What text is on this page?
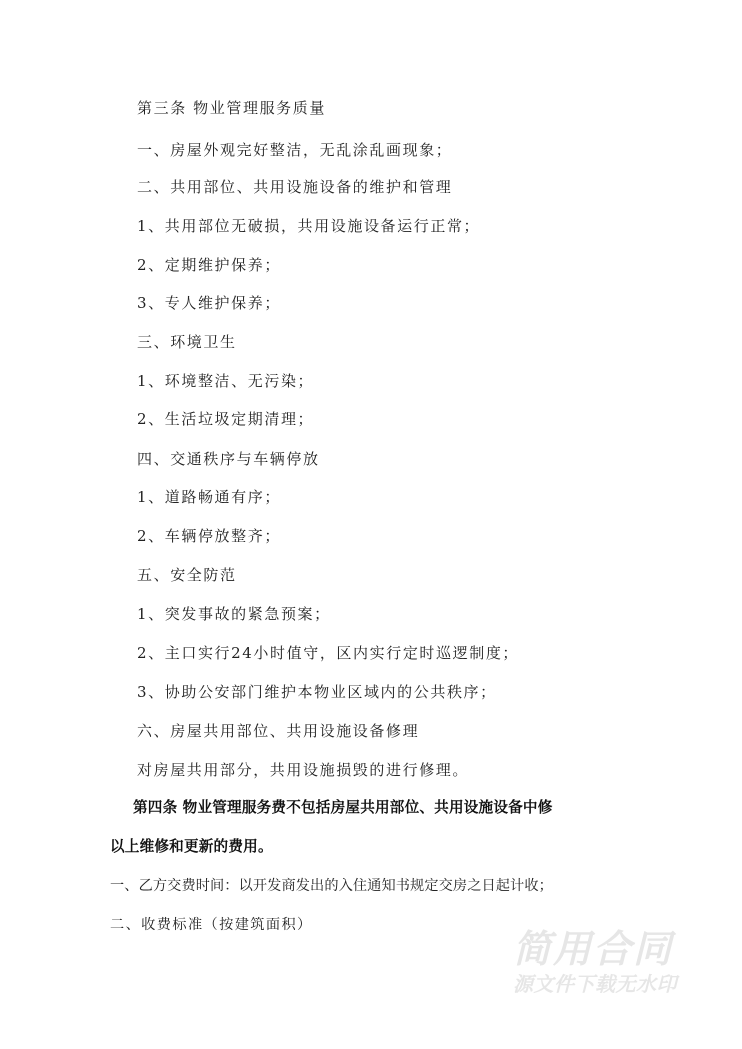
第三条 物业管理服务质量
一、房屋外观完好整洁，无乱涂乱画现象；
二、共用部位、共用设施设备的维护和管理
1、共用部位无破损，共用设施设备运行正常；
2、定期维护保养；
3、专人维护保养；
三、环境卫生
1、环境整洁、无污染；
2、生活垃圾定期清理；
四、交通秩序与车辆停放
1、道路畅通有序；
2、车辆停放整齐；
五、安全防范
1、突发事故的紧急预案；
2、主口实行24小时值守，区内实行定时巡逻制度；
3、协助公安部门维护本物业区域内的公共秩序；
六、房屋共用部位、共用设施设备修理
对房屋共用部分，共用设施损毁的进行修理。
第四条 物业管理服务费不包括房屋共用部位、共用设施设备中修
以上维修和更新的费用。
一、乙方交费时间：以开发商发出的入住通知书规定交房之日起计收；
二、收费标准（按建筑面积）
简用合同
源文件下载无水印
